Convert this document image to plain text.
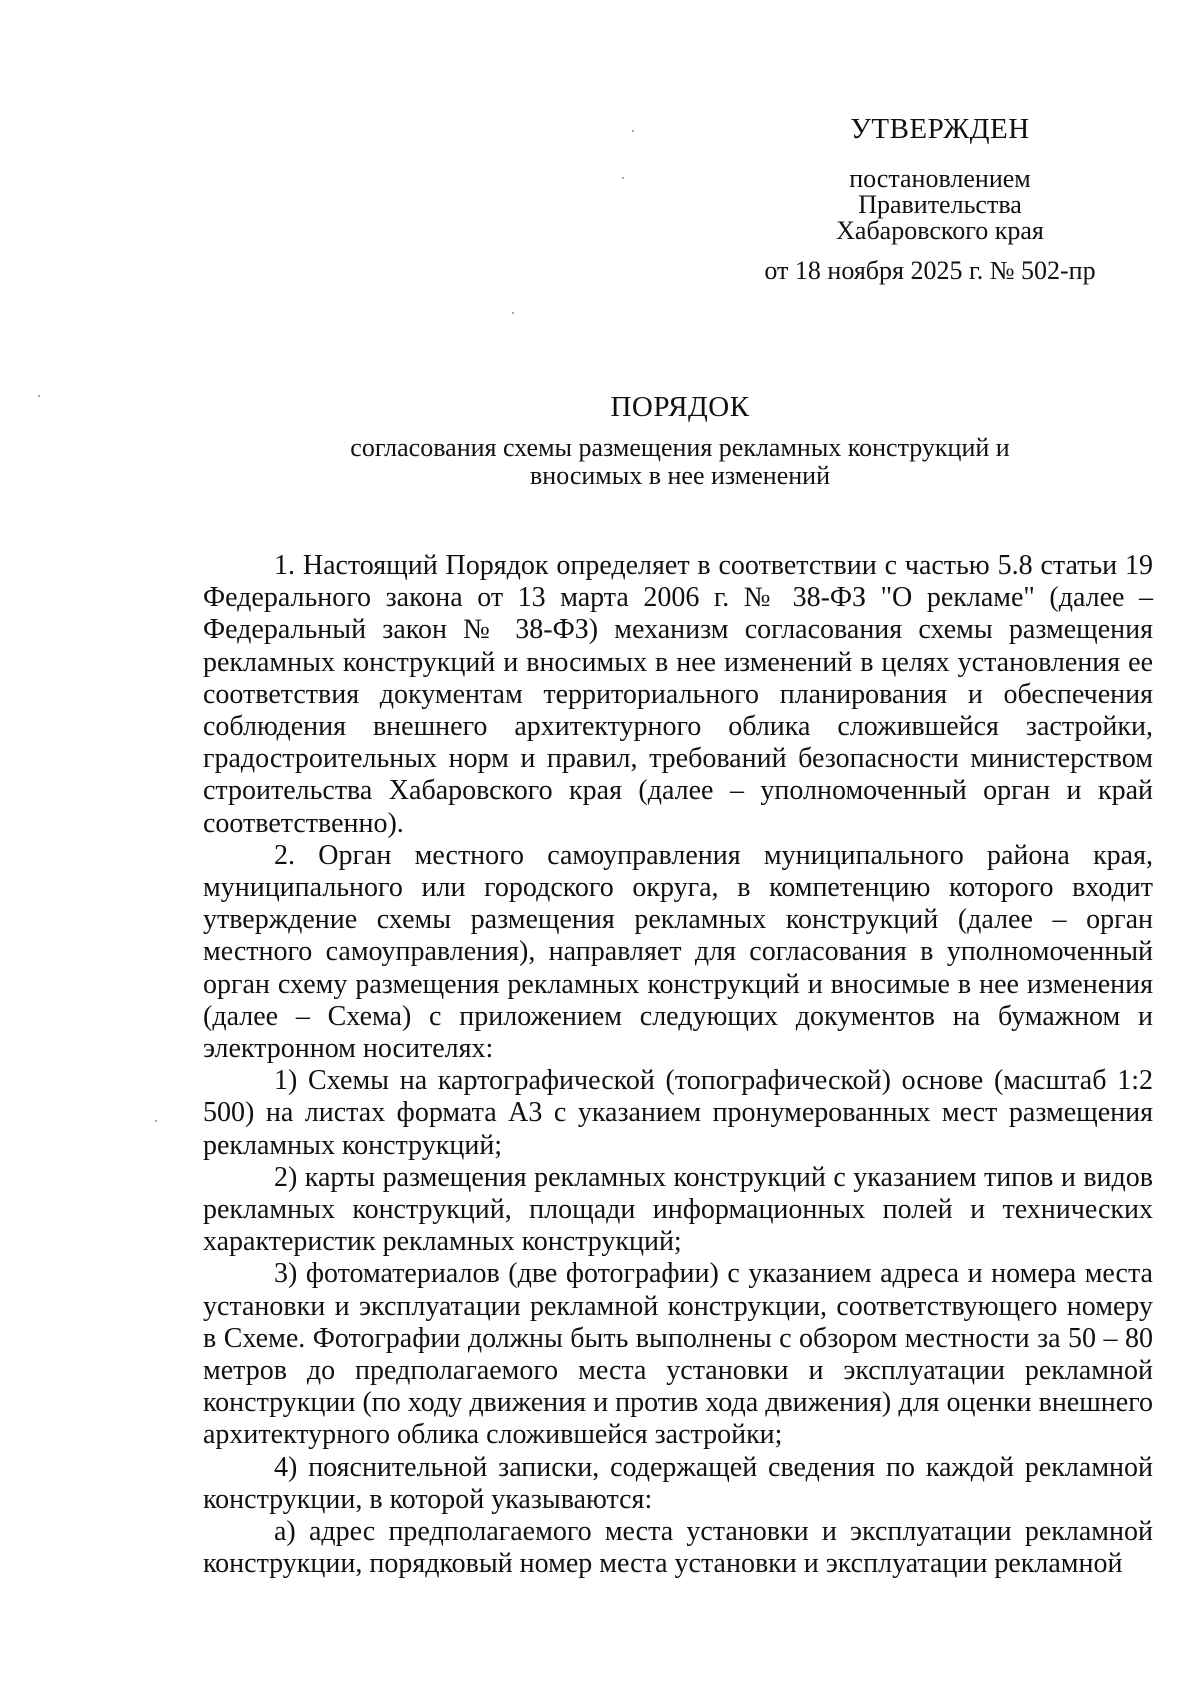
УТВЕРЖДЕН
постановлением
Правительства
Хабаровского края
от 18 ноября 2025 г. № 502-пр
ПОРЯДОК
согласования схемы размещения рекламных конструкций и
вносимых в нее изменений

1. Настоящий Порядок определяет в соответствии с частью 5.8 статьи 19 Федерального закона от 13 марта 2006 г. № 38-ФЗ "О рекламе" (далее – Федеральный закон № 38-ФЗ) механизм согласования схемы размещения рекламных конструкций и вносимых в нее изменений в целях установления ее соответствия документам территориального планирования и обеспечения соблюдения внешнего архитектурного облика сложившейся застройки, градостроительных норм и правил, требований безопасности министерством строительства Хабаровского края (далее – уполномоченный орган и край соответственно).

2. Орган местного самоуправления муниципального района края, муниципального или городского округа, в компетенцию которого входит утверждение схемы размещения рекламных конструкций (далее – орган местного самоуправления), направляет для согласования в уполномоченный орган схему размещения рекламных конструкций и вносимые в нее изменения (далее – Схема) с приложением следующих документов на бумажном и электронном носителях:

1) Схемы на картографической (топографической) основе (масштаб 1:2 500) на листах формата А3 с указанием пронумерованных мест размещения рекламных конструкций;

2) карты размещения рекламных конструкций с указанием типов и видов рекламных конструкций, площади информационных полей и технических характеристик рекламных конструкций;

3) фотоматериалов (две фотографии) с указанием адреса и номера места установки и эксплуатации рекламной конструкции, соответствующего номеру в Схеме. Фотографии должны быть выполнены с обзором местности за 50 – 80 метров до предполагаемого места установки и эксплуатации рекламной конструкции (по ходу движения и против хода движения) для оценки внешнего архитектурного облика сложившейся застройки;

4) пояснительной записки, содержащей сведения по каждой рекламной конструкции, в которой указываются:

а) адрес предполагаемого места установки и эксплуатации рекламной конструкции, порядковый номер места установки и эксплуатации рекламной
